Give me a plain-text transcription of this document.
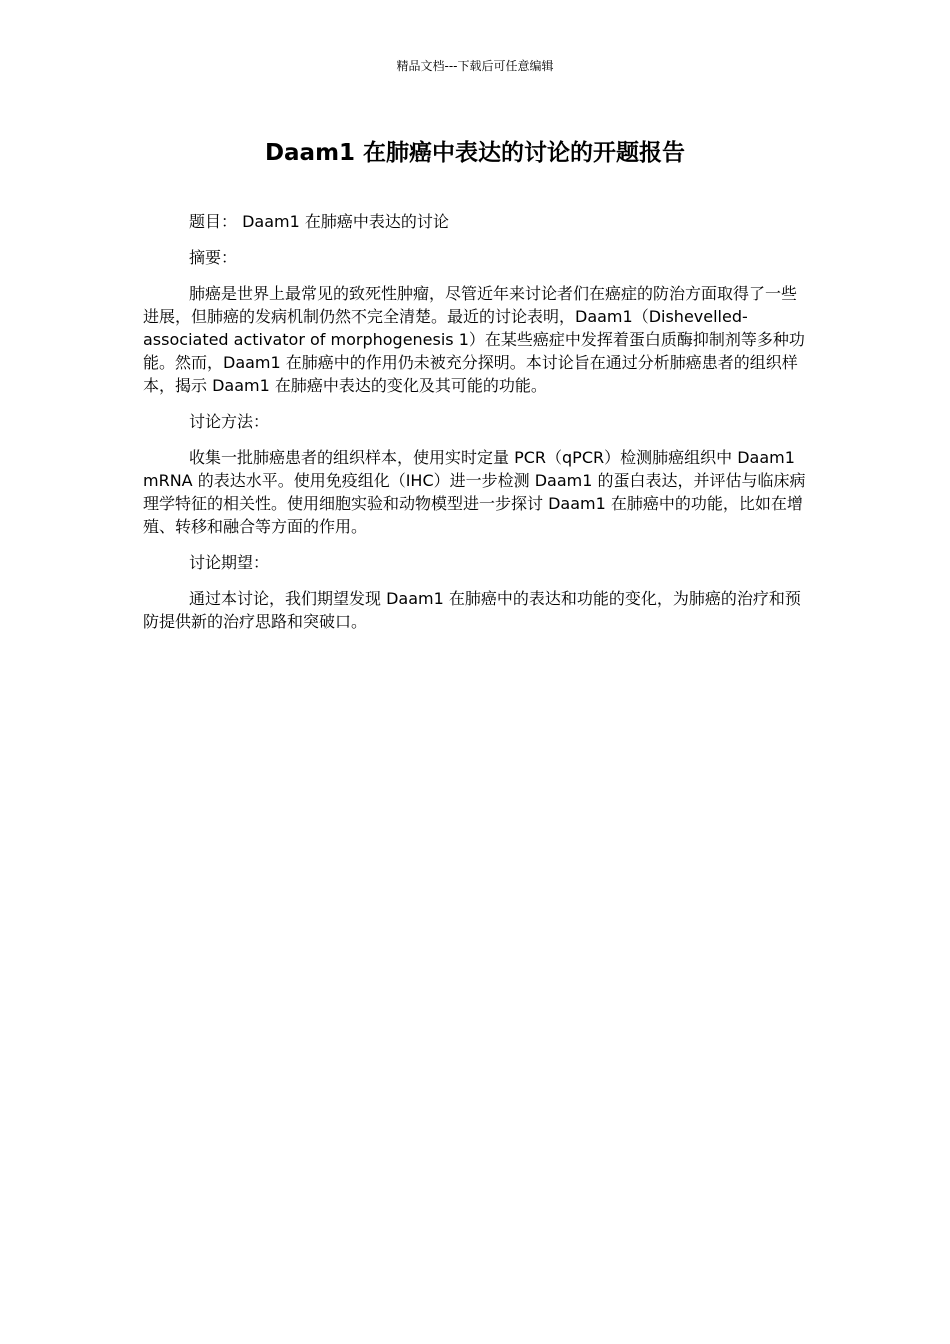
精品文档---下载后可任意编辑
Daam1 在肺癌中表达的讨论的开题报告

题目： Daam1 在肺癌中表达的讨论

摘要：

肺癌是世界上最常见的致死性肿瘤，尽管近年来讨论者们在癌症的防治方面取得了一些进展，但肺癌的发病机制仍然不完全清楚。最近的讨论表明，Daam1（Dishevelled-associated activator of morphogenesis 1）在某些癌症中发挥着蛋白质酶抑制剂等多种功能。然而，Daam1 在肺癌中的作用仍未被充分探明。本讨论旨在通过分析肺癌患者的组织样本，揭示 Daam1 在肺癌中表达的变化及其可能的功能。

讨论方法：

收集一批肺癌患者的组织样本，使用实时定量 PCR（qPCR）检测肺癌组织中 Daam1 mRNA 的表达水平。使用免疫组化（IHC）进一步检测 Daam1 的蛋白表达，并评估与临床病理学特征的相关性。使用细胞实验和动物模型进一步探讨 Daam1 在肺癌中的功能，比如在增殖、转移和融合等方面的作用。

讨论期望：

通过本讨论，我们期望发现 Daam1 在肺癌中的表达和功能的变化，为肺癌的治疗和预防提供新的治疗思路和突破口。
